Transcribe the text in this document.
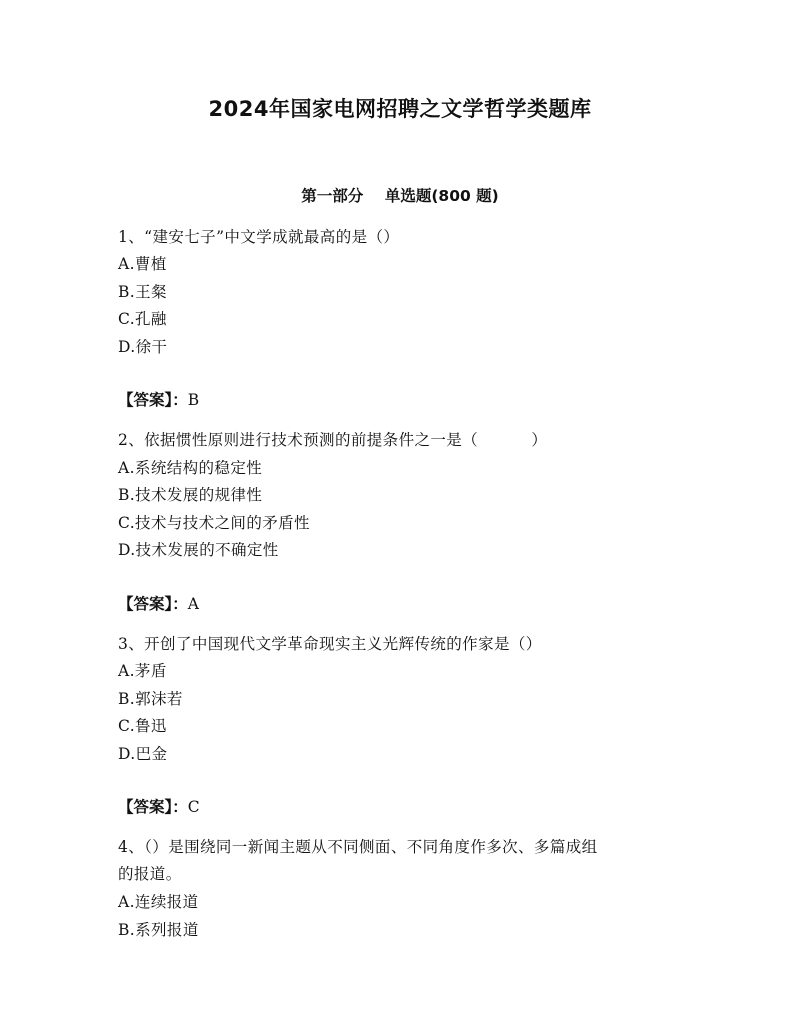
2024年国家电网招聘之文学哲学类题库
第一部分    单选题(800 题)
1、“建安七子”中文学成就最高的是（）
A.曹植
B.王粲
C.孔融
D.徐干
【答案】：B
2、依据惯性原则进行技术预测的前提条件之一是（          ）
A.系统结构的稳定性
B.技术发展的规律性
C.技术与技术之间的矛盾性
D.技术发展的不确定性
【答案】：A
3、开创了中国现代文学革命现实主义光辉传统的作家是（）
A.茅盾
B.郭沫若
C.鲁迅
D.巴金
【答案】：C
4、（）是围绕同一新闻主题从不同侧面、不同角度作多次、多篇成组
的报道。
A.连续报道
B.系列报道
